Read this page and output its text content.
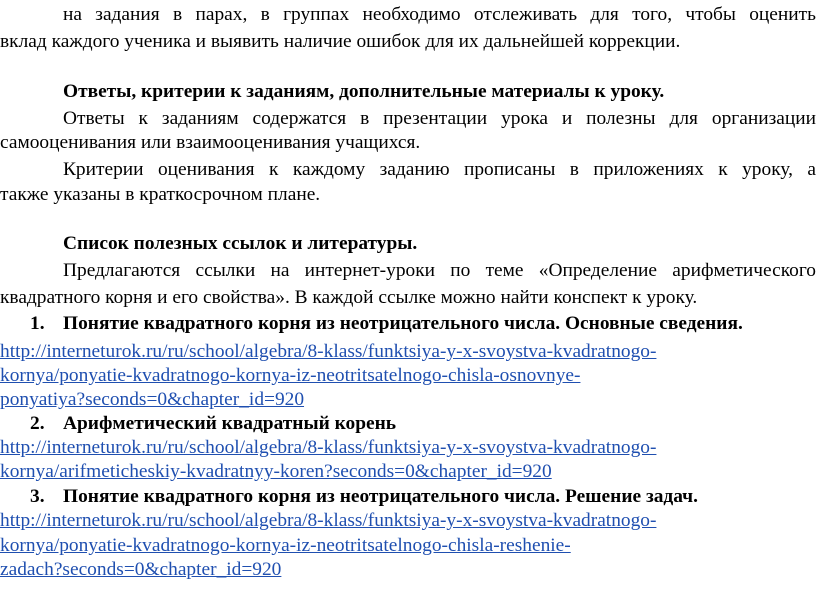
на задания в парах, в группах необходимо отслеживать для того, чтобы оценить
вклад каждого ученика и выявить наличие ошибок для их дальнейшей коррекции.
Ответы, критерии к заданиям, дополнительные материалы к уроку.
Ответы к заданиям содержатся в презентации урока и полезны для организации
самооценивания или взаимооценивания учащихся.
Критерии оценивания к каждому заданию прописаны в приложениях к уроку, а
также указаны в краткосрочном плане.
Список полезных ссылок и литературы.
Предлагаются ссылки на интернет-уроки по теме «Определение арифметического
квадратного корня и его свойства». В каждой ссылке можно найти конспект к уроку.
1. Понятие квадратного корня из неотрицательного числа. Основные сведения.
http://interneturok.ru/ru/school/algebra/8-klass/funktsiya-y-x-svoystva-kvadratnogo-
kornya/ponyatie-kvadratnogo-kornya-iz-neotritsatelnogo-chisla-osnovnye-
ponyatiya?seconds=0&chapter_id=920
2. Арифметический квадратный корень
http://interneturok.ru/ru/school/algebra/8-klass/funktsiya-y-x-svoystva-kvadratnogo-
kornya/arifmeticheskiy-kvadratnyy-koren?seconds=0&chapter_id=920
3. Понятие квадратного корня из неотрицательного числа. Решение задач.
http://interneturok.ru/ru/school/algebra/8-klass/funktsiya-y-x-svoystva-kvadratnogo-
kornya/ponyatie-kvadratnogo-kornya-iz-neotritsatelnogo-chisla-reshenie-
zadach?seconds=0&chapter_id=920
